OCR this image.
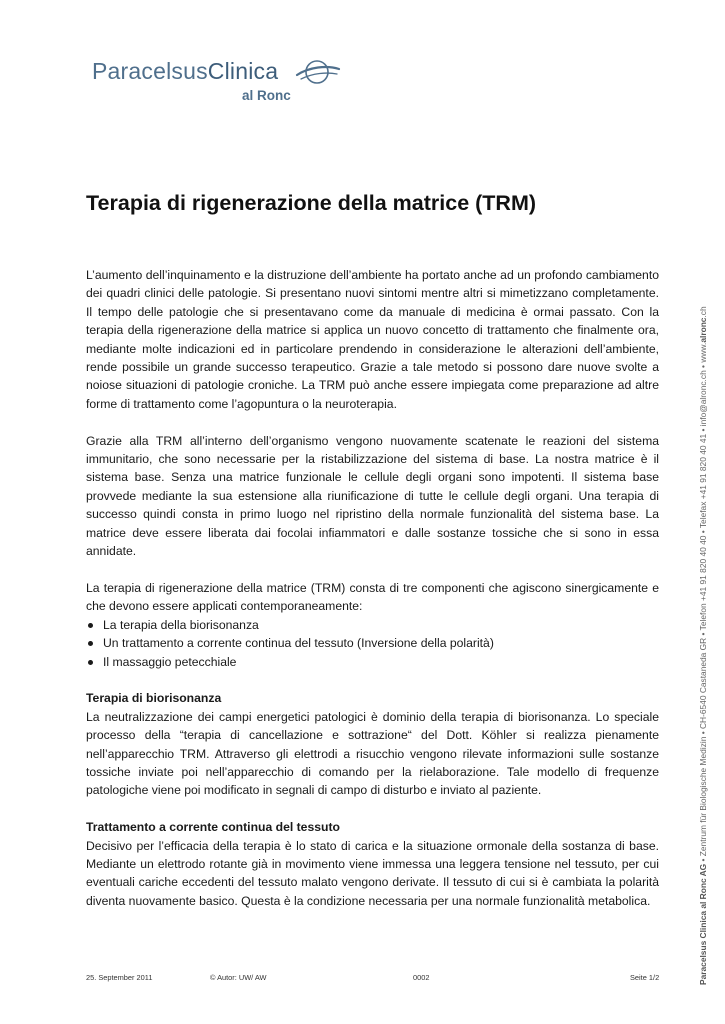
ParacelsusClinica
al Ronc
Terapia di rigenerazione della matrice (TRM)

L’aumento dell’inquinamento e la distruzione dell’ambiente ha portato anche ad un profondo cambiamento dei quadri clinici delle patologie. Si presentano nuovi sintomi mentre altri si mimetizzano completamente. Il tempo delle patologie che si presentavano come da manuale di medicina è ormai passato. Con la terapia della rigenerazione della matrice si applica un nuovo concetto di trattamento che finalmente ora, mediante molte indicazioni ed in particolare prendendo in considerazione le alterazioni dell’ambiente, rende possibile un grande successo terapeutico. Grazie a tale metodo si possono dare nuove svolte a noiose situazioni di patologie croniche. La TRM può anche essere impiegata come preparazione ad altre forme di trattamento come l’agopuntura o la neuroterapia.

Grazie alla TRM all’interno dell’organismo vengono nuovamente scatenate le reazioni del sistema immunitario, che sono necessarie per la ristabilizzazione del sistema di base. La nostra matrice è il sistema base. Senza una matrice funzionale le cellule degli organi sono impotenti. Il sistema base provvede mediante la sua estensione alla riunificazione di tutte le cellule degli organi. Una terapia di successo quindi consta in primo luogo nel ripristino della normale funzionalità del sistema base. La matrice deve essere liberata dai focolai infiammatori e dalle sostanze tossiche che si sono in essa annidate.

La terapia di rigenerazione della matrice (TRM) consta di tre componenti che agiscono sinergicamente e che devono essere applicati contemporaneamente:

La terapia della biorisonanza
Un trattamento a corrente continua del tessuto (Inversione della polarità)
Il massaggio petecchiale
Terapia di biorisonanza

La neutralizzazione dei campi energetici patologici è dominio della terapia di biorisonanza. Lo speciale processo della “terapia di cancellazione e sottrazione“ del Dott. Köhler si realizza pienamente nell’apparecchio TRM. Attraverso gli elettrodi a risucchio vengono rilevate informazioni sulle sostanze tossiche inviate poi nell’apparecchio di comando per la rielaborazione. Tale modello di frequenze patologiche viene poi modificato in segnali di campo di disturbo e inviato al paziente.

Trattamento a corrente continua del tessuto

Decisivo per l’efficacia della terapia è lo stato di carica e la situazione ormonale della sostanza di base. Mediante un elettrodo rotante già in movimento viene immessa una leggera tensione nel tessuto, per cui eventuali cariche eccedenti del tessuto malato vengono derivate. Il tessuto di cui si è cambiata la polarità diventa nuovamente basico. Questa è la condizione necessaria per una normale funzionalità metabolica.	Paracelsus Clinica al Ronc AG • Zentrum für Biologische Medizin • CH-6540 Castaneda GR • Telefon +41 91 820 40 40 • Telefax +41 91 820 40 41 • info@alronc.ch • www.alronc.ch
25. September 2011	© Autor: UW/ AW	0002	Seite 1/2
